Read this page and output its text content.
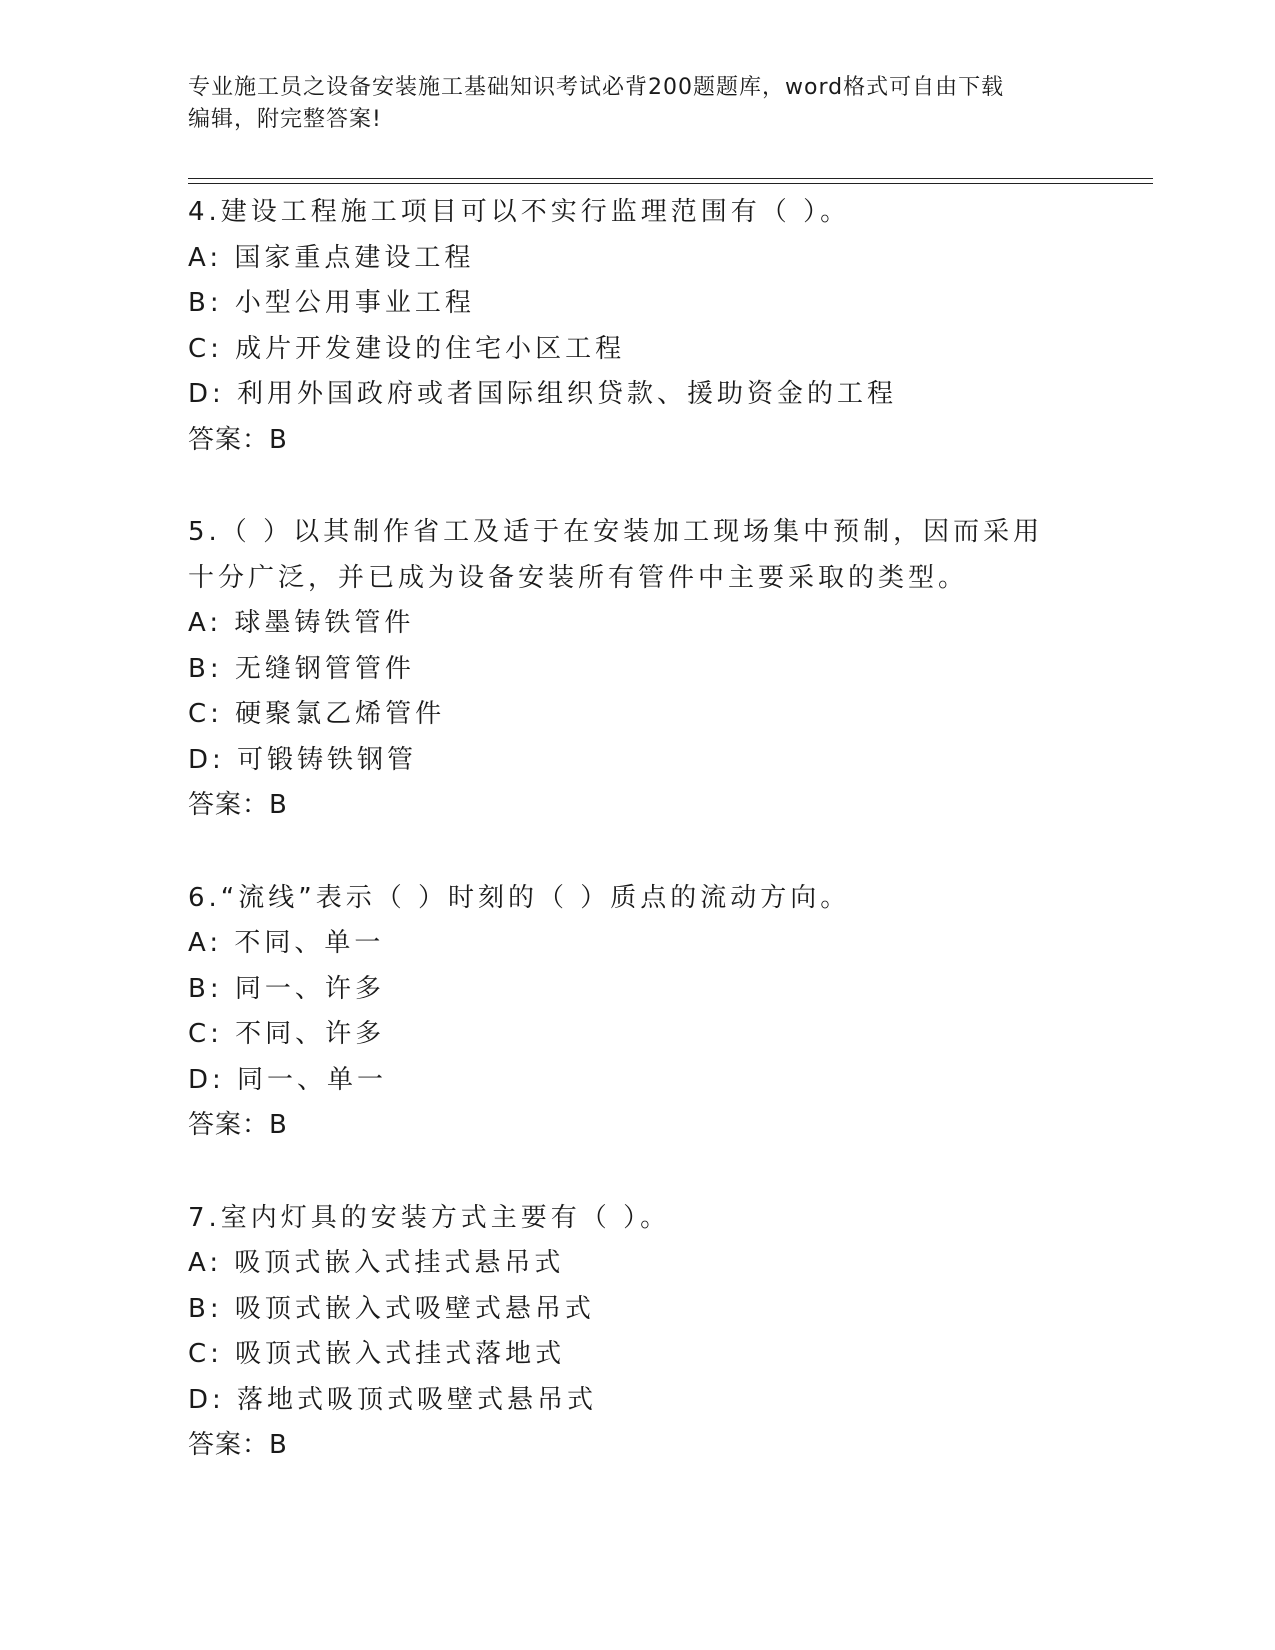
专业施工员之设备安装施工基础知识考试必背200题题库，word格式可自由下载
编辑，附完整答案!
4.建设工程施工项目可以不实行监理范围有（ ）。
A: 国家重点建设工程
B: 小型公用事业工程
C: 成片开发建设的住宅小区工程
D: 利用外国政府或者国际组织贷款、援助资金的工程
答案：B
5.（ ）以其制作省工及适于在安装加工现场集中预制，因而采用十分广泛，并已成为设备安装所有管件中主要采取的类型。
A: 球墨铸铁管件
B: 无缝钢管管件
C: 硬聚氯乙烯管件
D: 可锻铸铁钢管
答案：B
6.“流线”表示（ ）时刻的（ ）质点的流动方向。
A: 不同、单一
B: 同一、许多
C: 不同、许多
D: 同一、单一
答案：B
7.室内灯具的安装方式主要有（ ）。
A: 吸顶式嵌入式挂式悬吊式
B: 吸顶式嵌入式吸壁式悬吊式
C: 吸顶式嵌入式挂式落地式
D: 落地式吸顶式吸壁式悬吊式
答案：B
